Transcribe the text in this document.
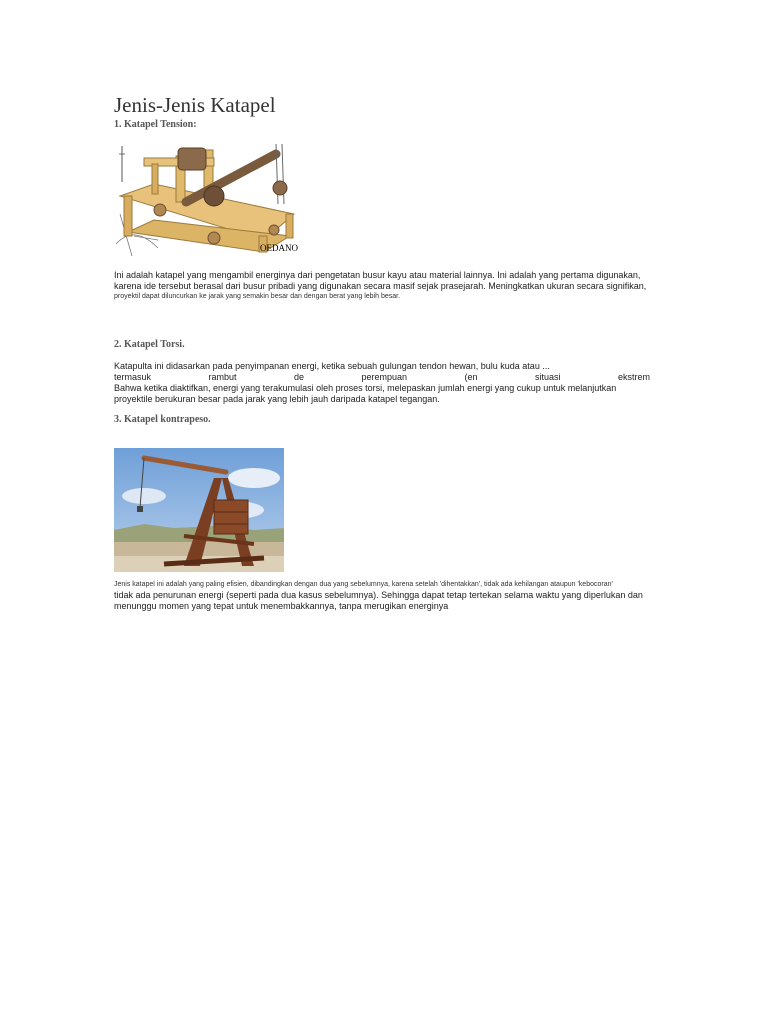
Jenis-Jenis Katapel
1. Katapel Tension:
OEDANO

Ini adalah katapel yang mengambil energinya dari pengetatan busur kayu atau material lainnya. Ini adalah yang pertama digunakan,

karena ide tersebut berasal dari busur pribadi yang digunakan secara masif sejak prasejarah. Meningkatkan ukuran secara signifikan,

proyektil dapat diluncurkan ke jarak yang semakin besar dan dengan berat yang lebih besar.

2. Katapel Torsi.

Katapulta ini didasarkan pada penyimpanan energi, ketika sebuah gulungan tendon hewan, bulu kuda atau ...

termasuk	rambut	de	perempuan	(en	situasi	ekstrem

Bahwa ketika diaktifkan, energi yang terakumulasi oleh proses torsi, melepaskan jumlah energi yang cukup untuk melanjutkan

proyektile berukuran besar pada jarak yang lebih jauh daripada katapel tegangan.

3. Katapel kontrapeso.

Jenis katapel ini adalah yang paling efisien, dibandingkan dengan dua yang sebelumnya, karena setelah 'dihentakkan', tidak ada kehilangan ataupun 'kebocoran'

tidak ada penurunan energi (seperti pada dua kasus sebelumnya). Sehingga dapat tetap tertekan selama waktu yang diperlukan dan

menunggu momen yang tepat untuk menembakkannya, tanpa merugikan energinya
